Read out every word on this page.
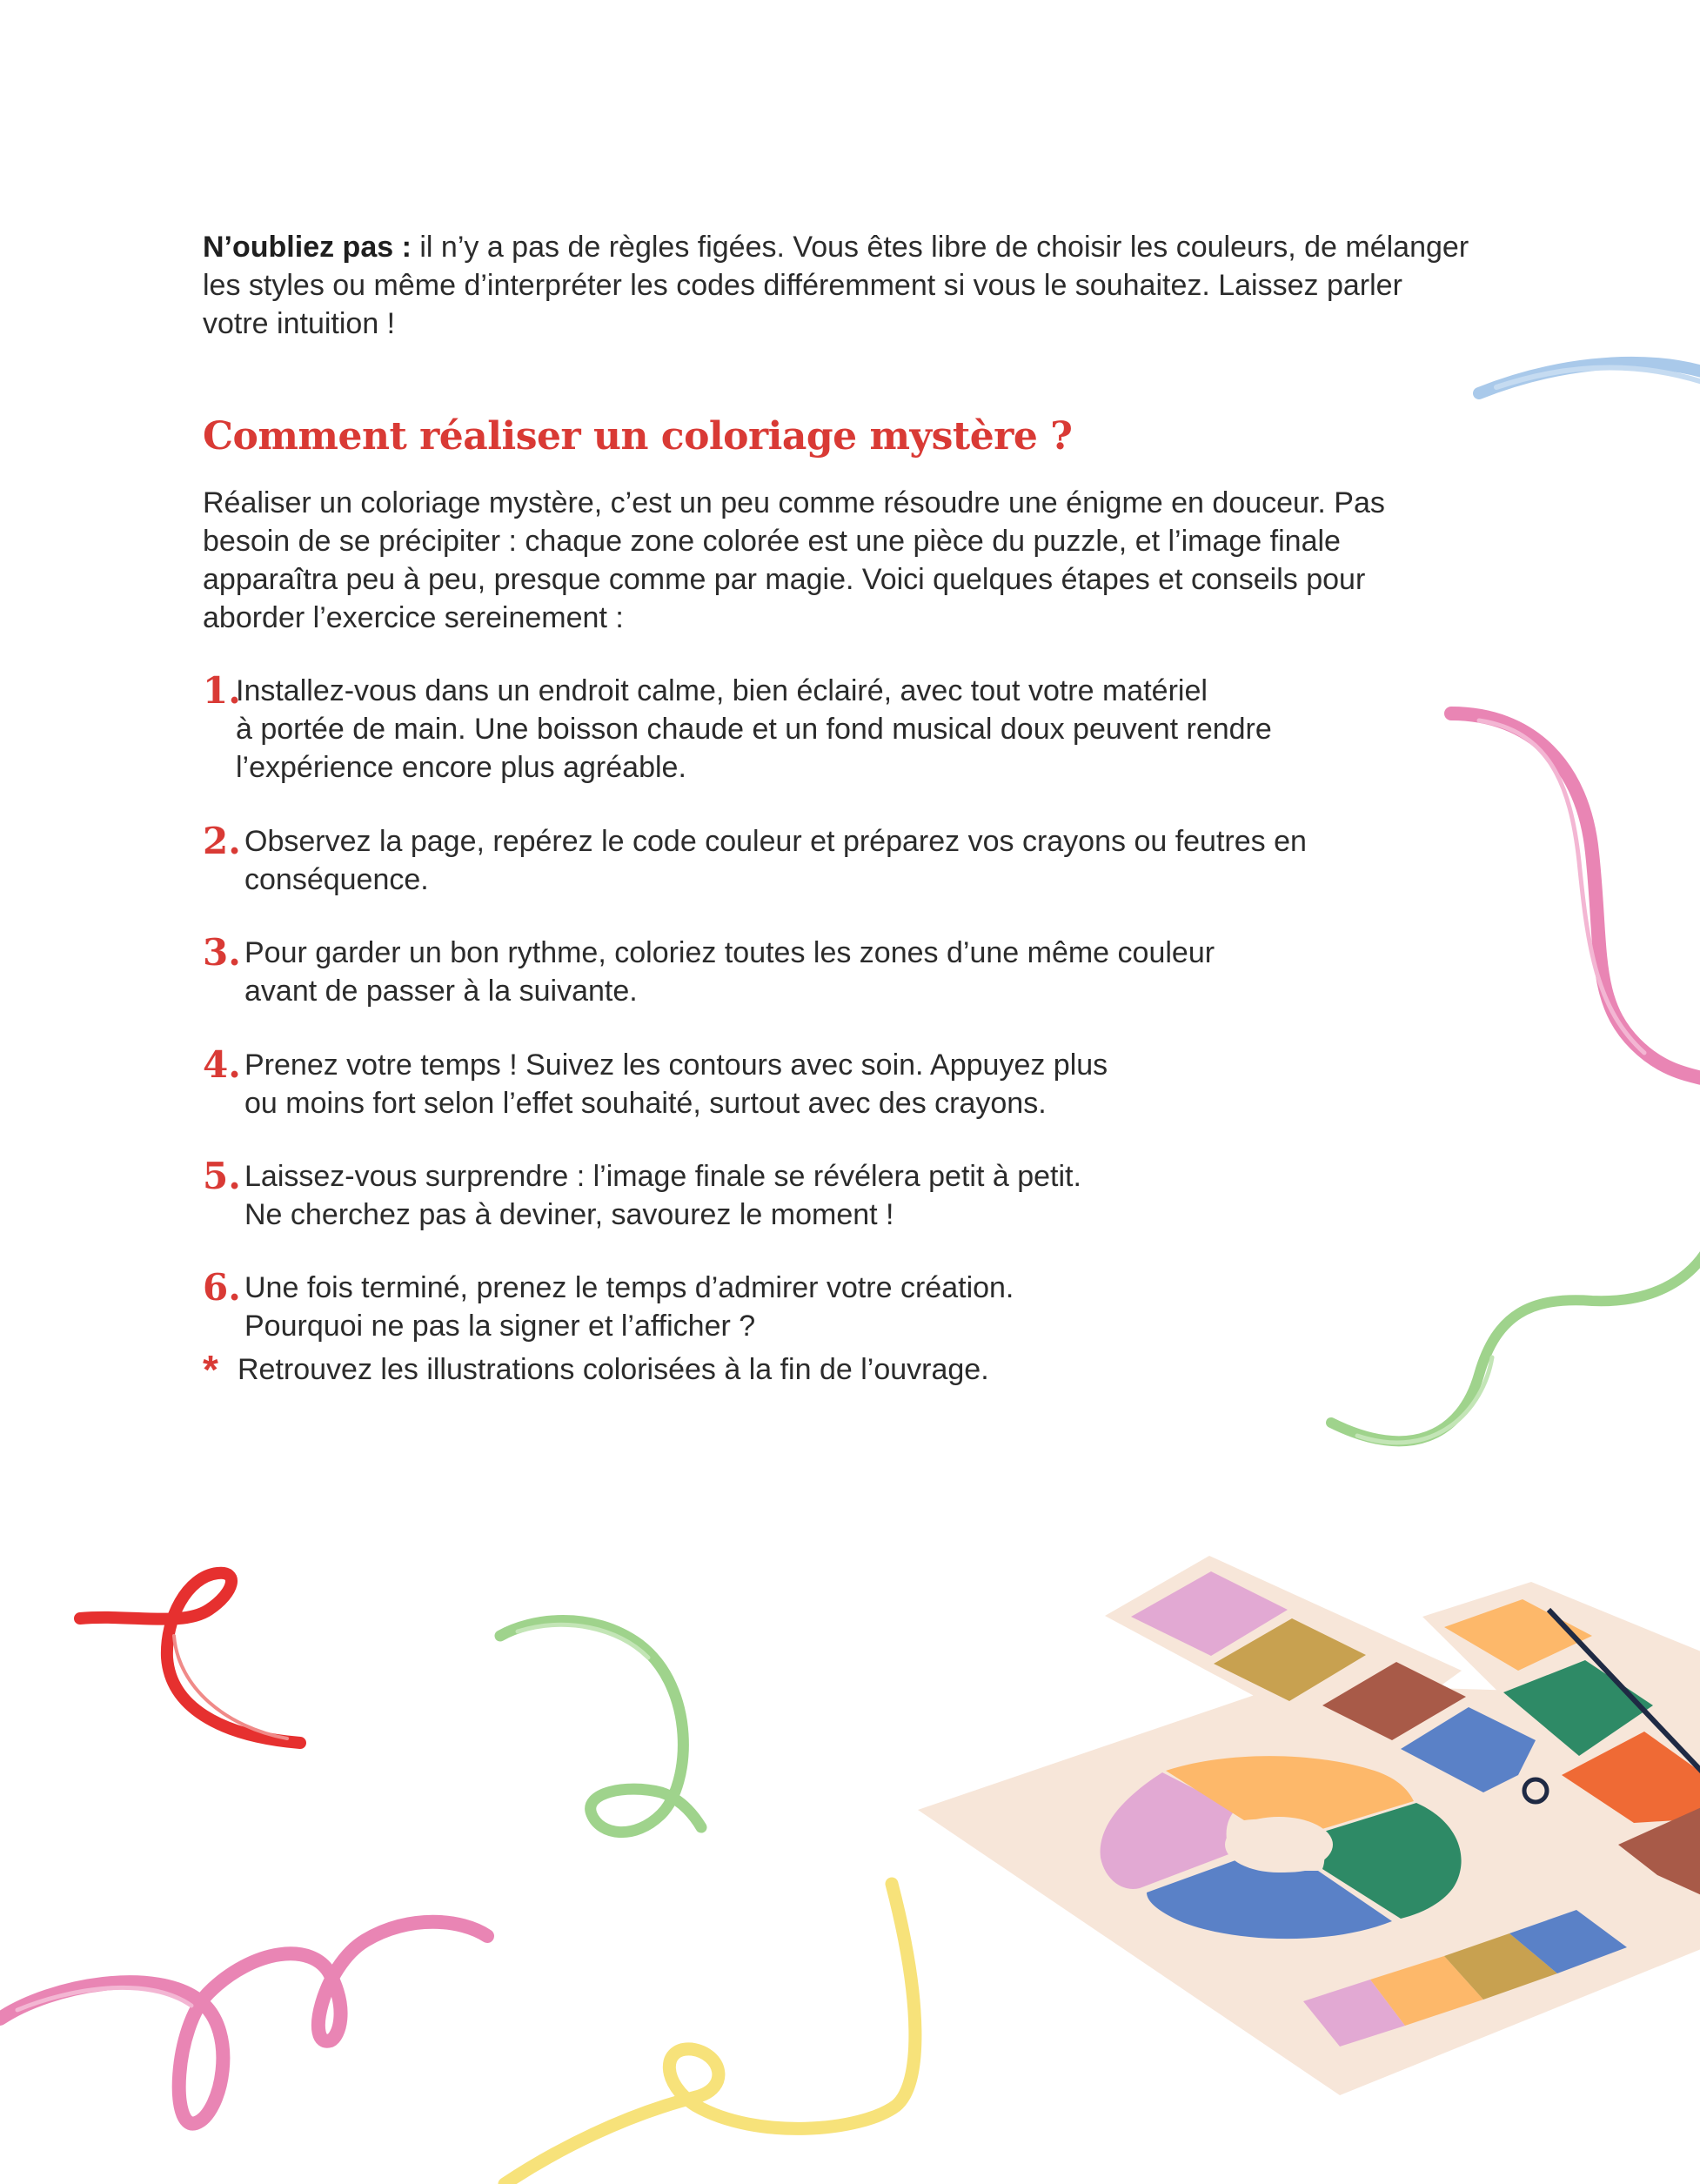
N’oubliez pas : il n’y a pas de règles figées. Vous êtes libre de choisir les couleurs, de mélanger
les styles ou même d’interpréter les codes différemment si vous le souhaitez. Laissez parler
votre intuition !

Comment réaliser un coloriage mystère ?

Réaliser un coloriage mystère, c’est un peu comme résoudre une énigme en douceur. Pas
besoin de se précipiter : chaque zone colorée est une pièce du puzzle, et l’image finale
apparaîtra peu à peu, presque comme par magie. Voici quelques étapes et conseils pour
aborder l’exercice sereinement :

1.
Installez-vous dans un endroit calme, bien éclairé, avec tout votre matériel
à portée de main. Une boisson chaude et un fond musical doux peuvent rendre
l’expérience encore plus agréable.
2. Observez la page, repérez le code couleur et préparez vos crayons ou feutres en
conséquence.
3. Pour garder un bon rythme, coloriez toutes les zones d’une même couleur
avant de passer à la suivante.
4. Prenez votre temps ! Suivez les contours avec soin. Appuyez plus
ou moins fort selon l’effet souhaité, surtout avec des crayons.
5. Laissez-vous surprendre : l’image finale se révélera petit à petit.
Ne cherchez pas à deviner, savourez le moment !
6. Une fois terminé, prenez le temps d’admirer votre création.
Pourquoi ne pas la signer et l’afficher ?
* Retrouvez les illustrations colorisées à la fin de l’ouvrage.
